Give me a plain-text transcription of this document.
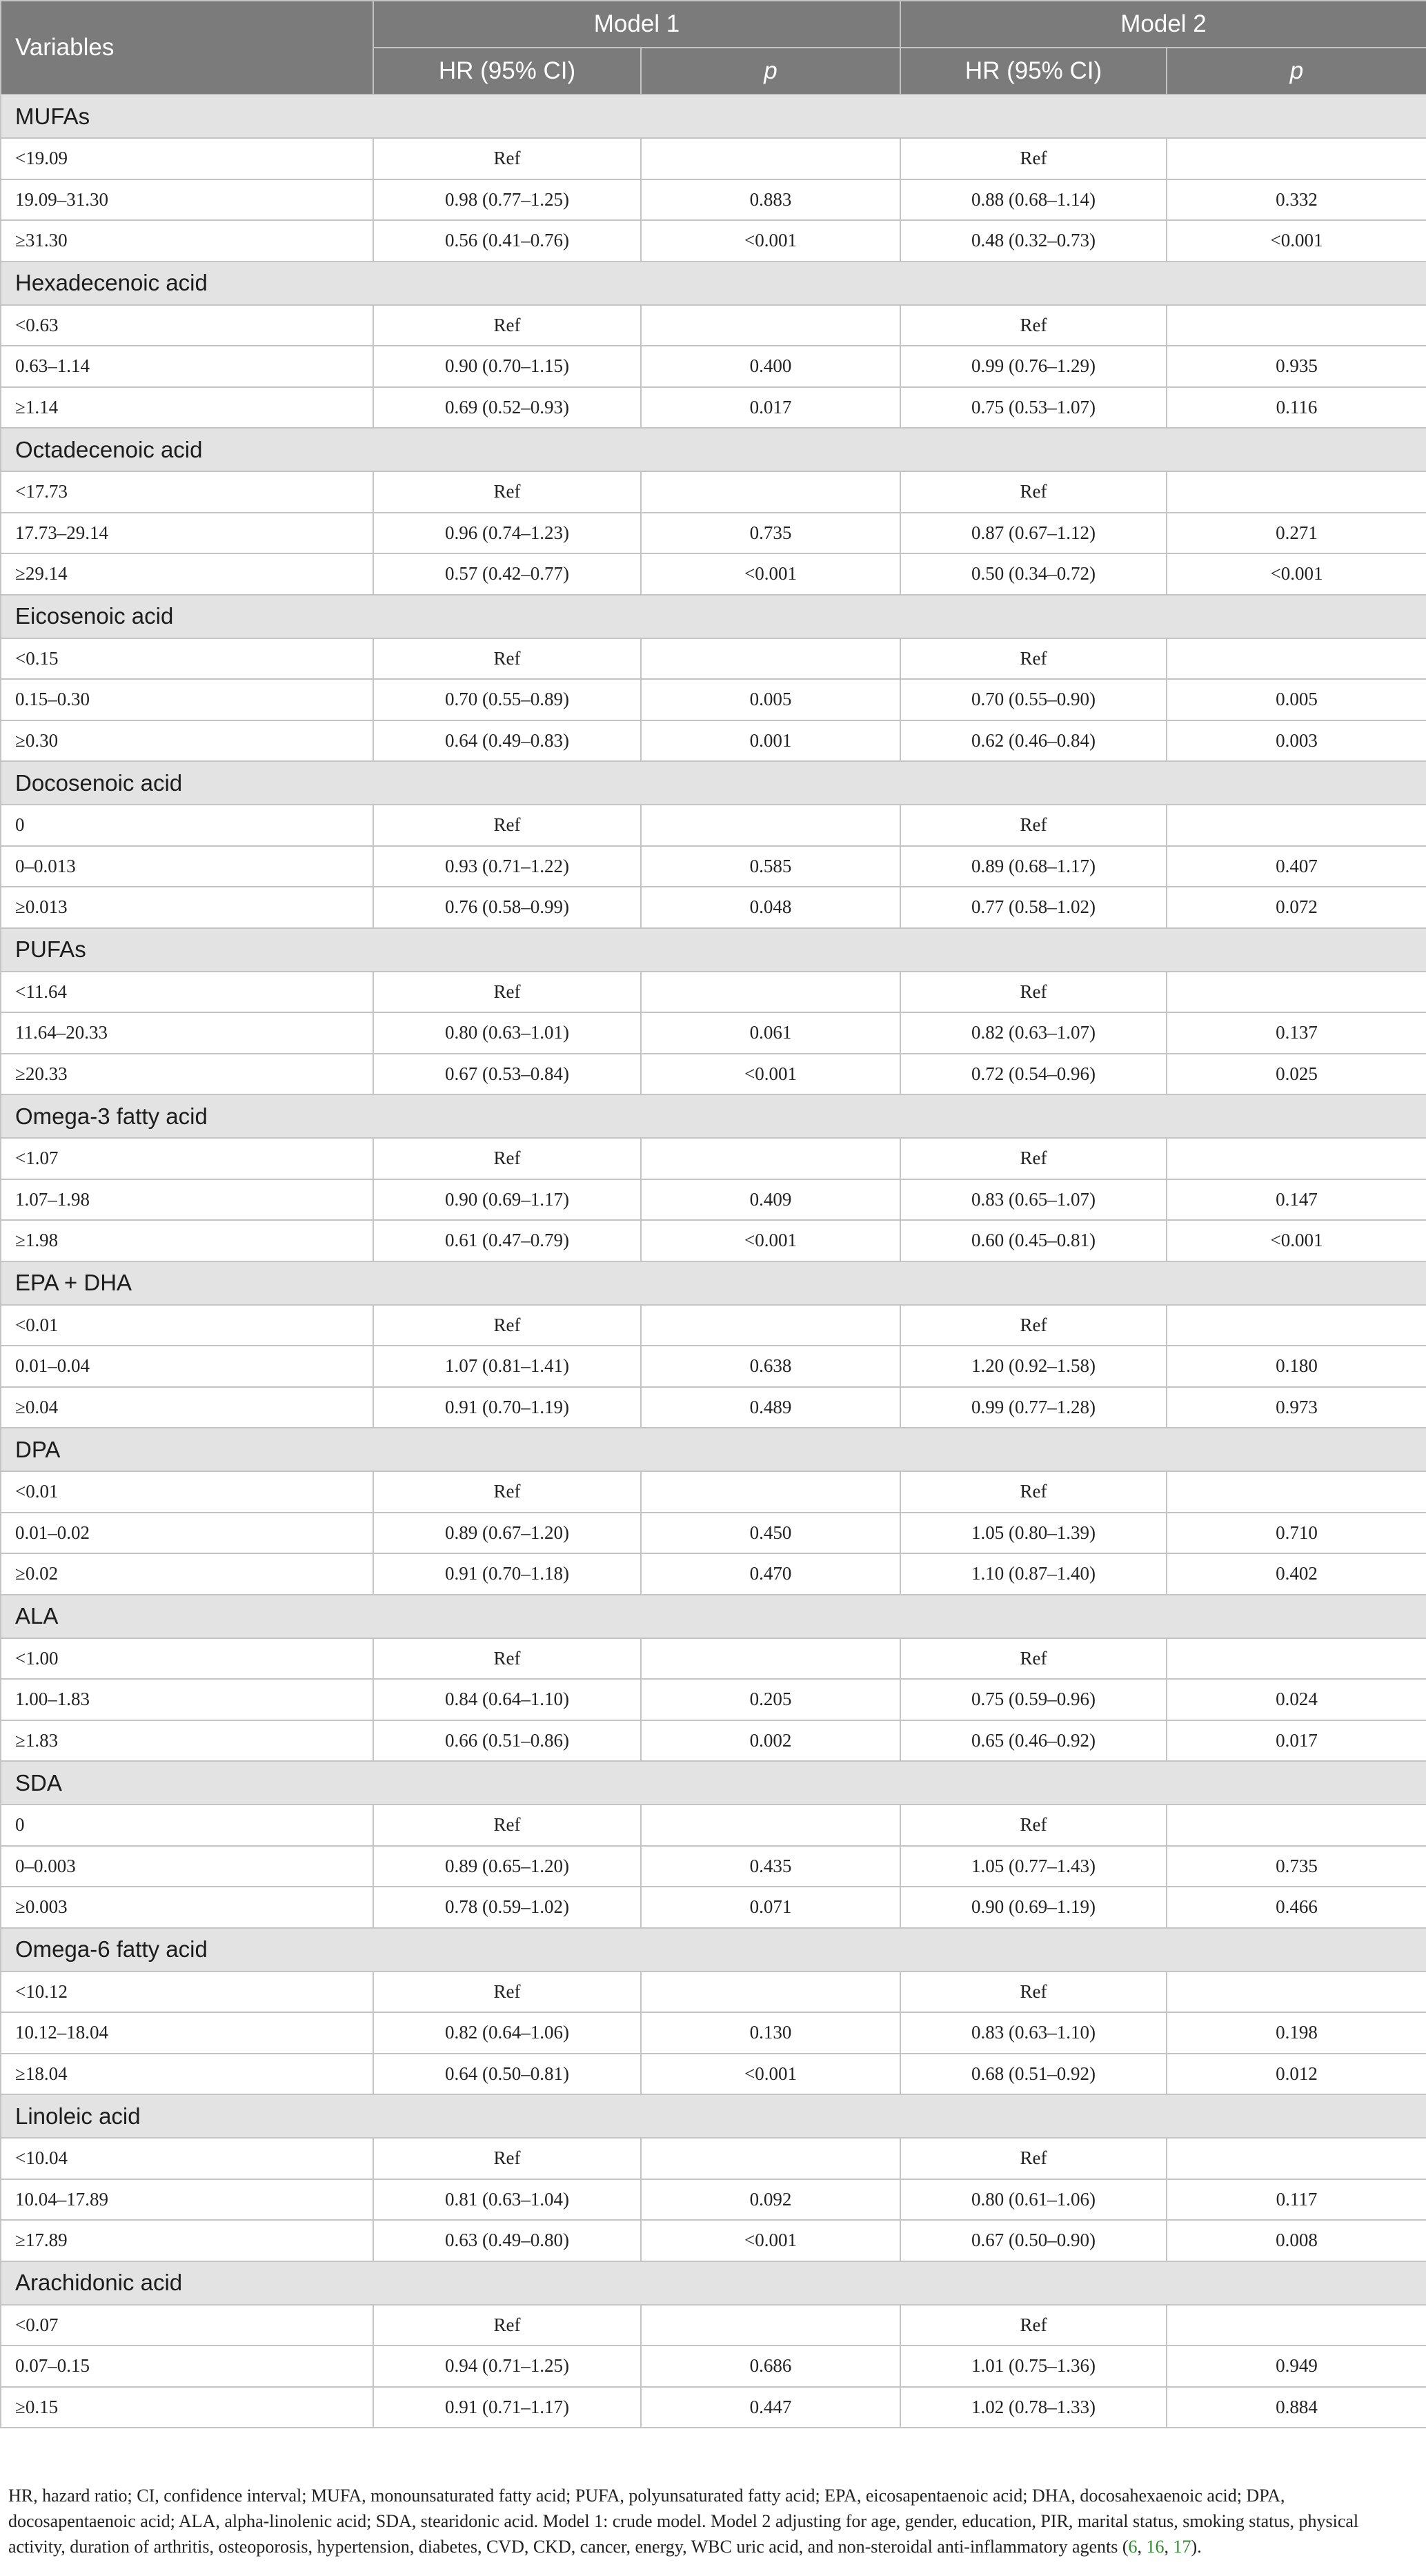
Variables	Model 1		Model 2	
	HR (95% CI)	p	HR (95% CI)	p
MUFAs				
<19.09	Ref		Ref	
19.09–31.30	0.98 (0.77–1.25)	0.883	0.88 (0.68–1.14)	0.332
≥31.30	0.56 (0.41–0.76)	<0.001	0.48 (0.32–0.73)	<0.001
Hexadecenoic acid				
<0.63	Ref		Ref	
0.63–1.14	0.90 (0.70–1.15)	0.400	0.99 (0.76–1.29)	0.935
≥1.14	0.69 (0.52–0.93)	0.017	0.75 (0.53–1.07)	0.116
Octadecenoic acid				
<17.73	Ref		Ref	
17.73–29.14	0.96 (0.74–1.23)	0.735	0.87 (0.67–1.12)	0.271
≥29.14	0.57 (0.42–0.77)	<0.001	0.50 (0.34–0.72)	<0.001
Eicosenoic acid				
<0.15	Ref		Ref	
0.15–0.30	0.70 (0.55–0.89)	0.005	0.70 (0.55–0.90)	0.005
≥0.30	0.64 (0.49–0.83)	0.001	0.62 (0.46–0.84)	0.003
Docosenoic acid				
0	Ref		Ref	
0–0.013	0.93 (0.71–1.22)	0.585	0.89 (0.68–1.17)	0.407
≥0.013	0.76 (0.58–0.99)	0.048	0.77 (0.58–1.02)	0.072
PUFAs				
<11.64	Ref		Ref	
11.64–20.33	0.80 (0.63–1.01)	0.061	0.82 (0.63–1.07)	0.137
≥20.33	0.67 (0.53–0.84)	<0.001	0.72 (0.54–0.96)	0.025
Omega-3 fatty acid				
<1.07	Ref		Ref	
1.07–1.98	0.90 (0.69–1.17)	0.409	0.83 (0.65–1.07)	0.147
≥1.98	0.61 (0.47–0.79)	<0.001	0.60 (0.45–0.81)	<0.001
EPA + DHA				
<0.01	Ref		Ref	
0.01–0.04	1.07 (0.81–1.41)	0.638	1.20 (0.92–1.58)	0.180
≥0.04	0.91 (0.70–1.19)	0.489	0.99 (0.77–1.28)	0.973
DPA				
<0.01	Ref		Ref	
0.01–0.02	0.89 (0.67–1.20)	0.450	1.05 (0.80–1.39)	0.710
≥0.02	0.91 (0.70–1.18)	0.470	1.10 (0.87–1.40)	0.402
ALA				
<1.00	Ref		Ref	
1.00–1.83	0.84 (0.64–1.10)	0.205	0.75 (0.59–0.96)	0.024
≥1.83	0.66 (0.51–0.86)	0.002	0.65 (0.46–0.92)	0.017
SDA				
0	Ref		Ref	
0–0.003	0.89 (0.65–1.20)	0.435	1.05 (0.77–1.43)	0.735
≥0.003	0.78 (0.59–1.02)	0.071	0.90 (0.69–1.19)	0.466
Omega-6 fatty acid				
<10.12	Ref		Ref	
10.12–18.04	0.82 (0.64–1.06)	0.130	0.83 (0.63–1.10)	0.198
≥18.04	0.64 (0.50–0.81)	<0.001	0.68 (0.51–0.92)	0.012
Linoleic acid				
<10.04	Ref		Ref	
10.04–17.89	0.81 (0.63–1.04)	0.092	0.80 (0.61–1.06)	0.117
≥17.89	0.63 (0.49–0.80)	<0.001	0.67 (0.50–0.90)	0.008
Arachidonic acid				
<0.07	Ref		Ref	
0.07–0.15	0.94 (0.71–1.25)	0.686	1.01 (0.75–1.36)	0.949
≥0.15	0.91 (0.71–1.17)	0.447	1.02 (0.78–1.33)	0.884
HR, hazard ratio; CI, confidence interval; MUFA, monounsaturated fatty acid; PUFA, polyunsaturated fatty acid; EPA, eicosapentaenoic acid; DHA, docosahexaenoic acid; DPA, docosapentaenoic acid; ALA, alpha-linolenic acid; SDA, stearidonic acid. Model 1: crude model. Model 2 adjusting for age, gender, education, PIR, marital status, smoking status, physical activity, duration of arthritis, osteoporosis, hypertension, diabetes, CVD, CKD, cancer, energy, WBC uric acid, and non-steroidal anti-inflammatory agents (6, 16, 17).
